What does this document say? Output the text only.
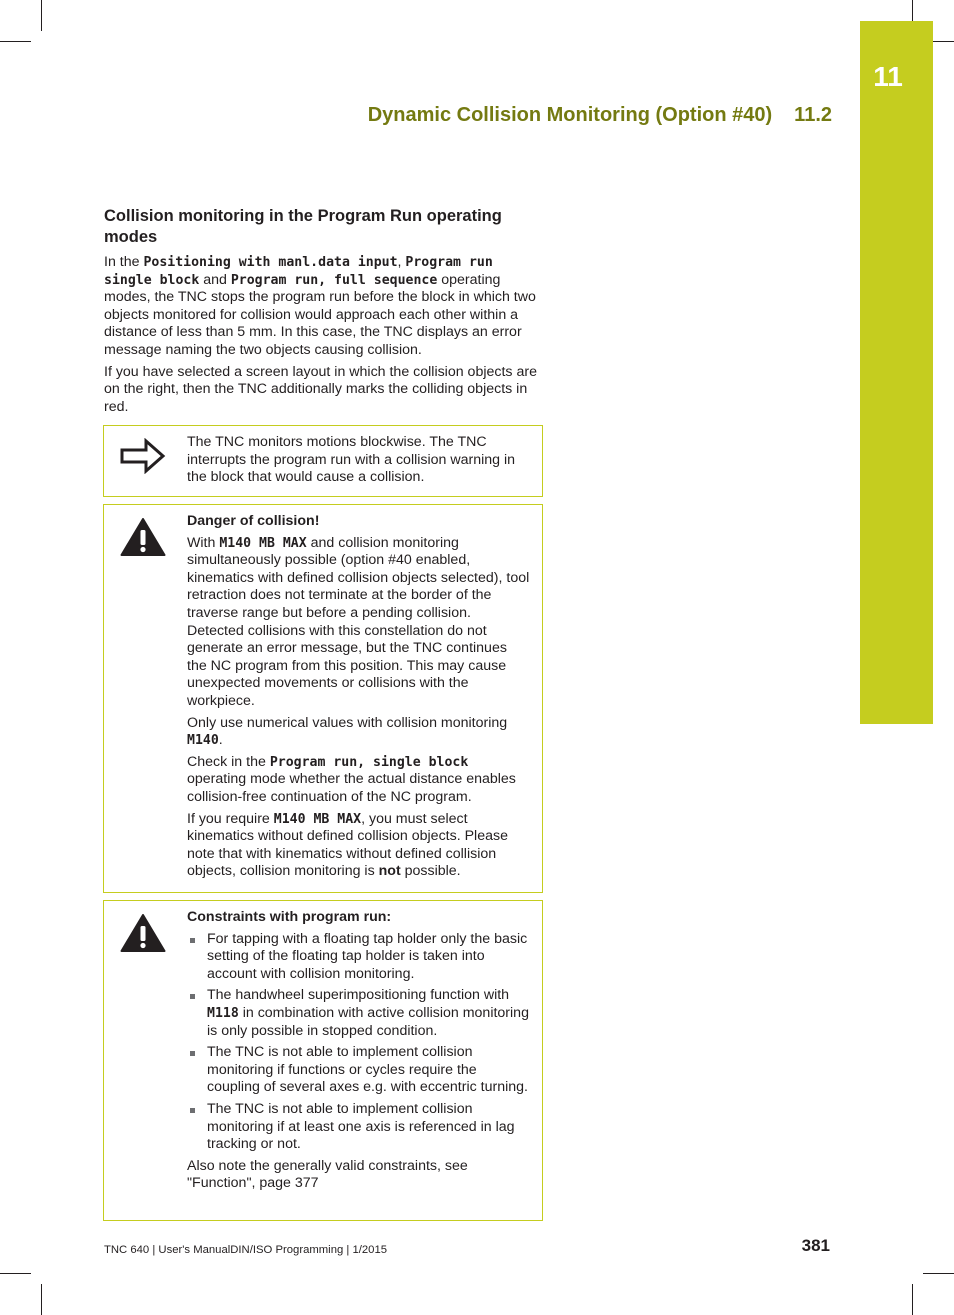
11
Dynamic Collision Monitoring (Option #40) 11.2
Collision monitoring in the Program Run operating modes

In the Positioning with manl.data input, Program run single block and Program run, full sequence operating modes, the TNC stops the program run before the block in which two objects monitored for collision would approach each other within a distance of less than 5 mm. In this case, the TNC displays an error message naming the two objects causing collision.

If you have selected a screen layout in which the collision objects are on the right, then the TNC additionally marks the colliding objects in red.

The TNC monitors motions blockwise. The TNC interrupts the program run with a collision warning in the block that would cause a collision.

Danger of collision!

With M140 MB MAX and collision monitoring simultaneously possible (option #40 enabled, kinematics with defined collision objects selected), tool retraction does not terminate at the border of the traverse range but before a pending collision. Detected collisions with this constellation do not generate an error message, but the TNC continues the NC program from this position. This may cause unexpected movements or collisions with the workpiece.

Only use numerical values with collision monitoring M140.

Check in the Program run, single block operating mode whether the actual distance enables collision-free continuation of the NC program.

If you require M140 MB MAX, you must select kinematics without defined collision objects. Please note that with kinematics without defined collision objects, collision monitoring is not possible.

Constraints with program run:

For tapping with a floating tap holder only the basic setting of the floating tap holder is taken into account with collision monitoring.
The handwheel superimpositioning function with M118 in combination with active collision monitoring is only possible in stopped condition.
The TNC is not able to implement collision monitoring if functions or cycles require the coupling of several axes e.g. with eccentric turning.
The TNC is not able to implement collision monitoring if at least one axis is referenced in lag tracking or not.

Also note the generally valid constraints, see "Function", page 377

TNC 640 | User's ManualDIN/ISO Programming | 1/2015	381
